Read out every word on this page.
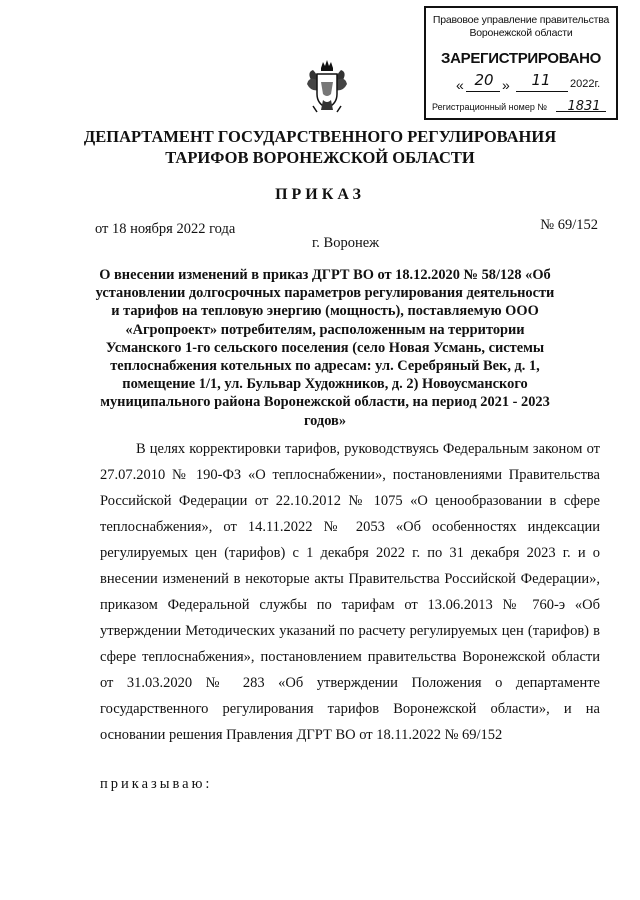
Правовое управление правительства
Воронежской области
ЗАРЕГИСТРИРОВАНО
« 20 »	11	2022г.
Регистрационный номер № 1831
ДЕПАРТАМЕНТ ГОСУДАРСТВЕННОГО РЕГУЛИРОВАНИЯ
ТАРИФОВ ВОРОНЕЖСКОЙ ОБЛАСТИ
ПРИКАЗ
от 18 ноября 2022 года	№ 69/152
г. Воронеж
О внесении изменений в приказ ДГРТ ВО от 18.12.2020 № 58/128 «Об установлении долгосрочных параметров регулирования деятельности и тарифов на тепловую энергию (мощность), поставляемую ООО «Агропроект» потребителям, расположенным на территории Усманского 1-го сельского поселения (село Новая Усмань, системы теплоснабжения котельных по адресам: ул. Серебряный Век, д. 1, помещение 1/1, ул. Бульвар Художников, д. 2) Новоусманского муниципального района Воронежской области, на период 2021 - 2023 годов»

В целях корректировки тарифов, руководствуясь Федеральным законом от 27.07.2010 № 190-ФЗ «О теплоснабжении», постановлениями Правительства Российской Федерации от 22.10.2012 № 1075 «О ценообразовании в сфере теплоснабжения», от 14.11.2022 № 2053 «Об особенностях индексации регулируемых цен (тарифов) с 1 декабря 2022 г. по 31 декабря 2023 г. и о внесении изменений в некоторые акты Правительства Российской Федерации», приказом Федеральной службы по тарифам от 13.06.2013 № 760-э «Об утверждении Методических указаний по расчету регулируемых цен (тарифов) в сфере теплоснабжения», постановлением правительства Воронежской области от 31.03.2020 № 283 «Об утверждении Положения о департаменте государственного регулирования тарифов Воронежской области», и на основании решения Правления ДГРТ ВО от 18.11.2022 № 69/152

приказываю:
